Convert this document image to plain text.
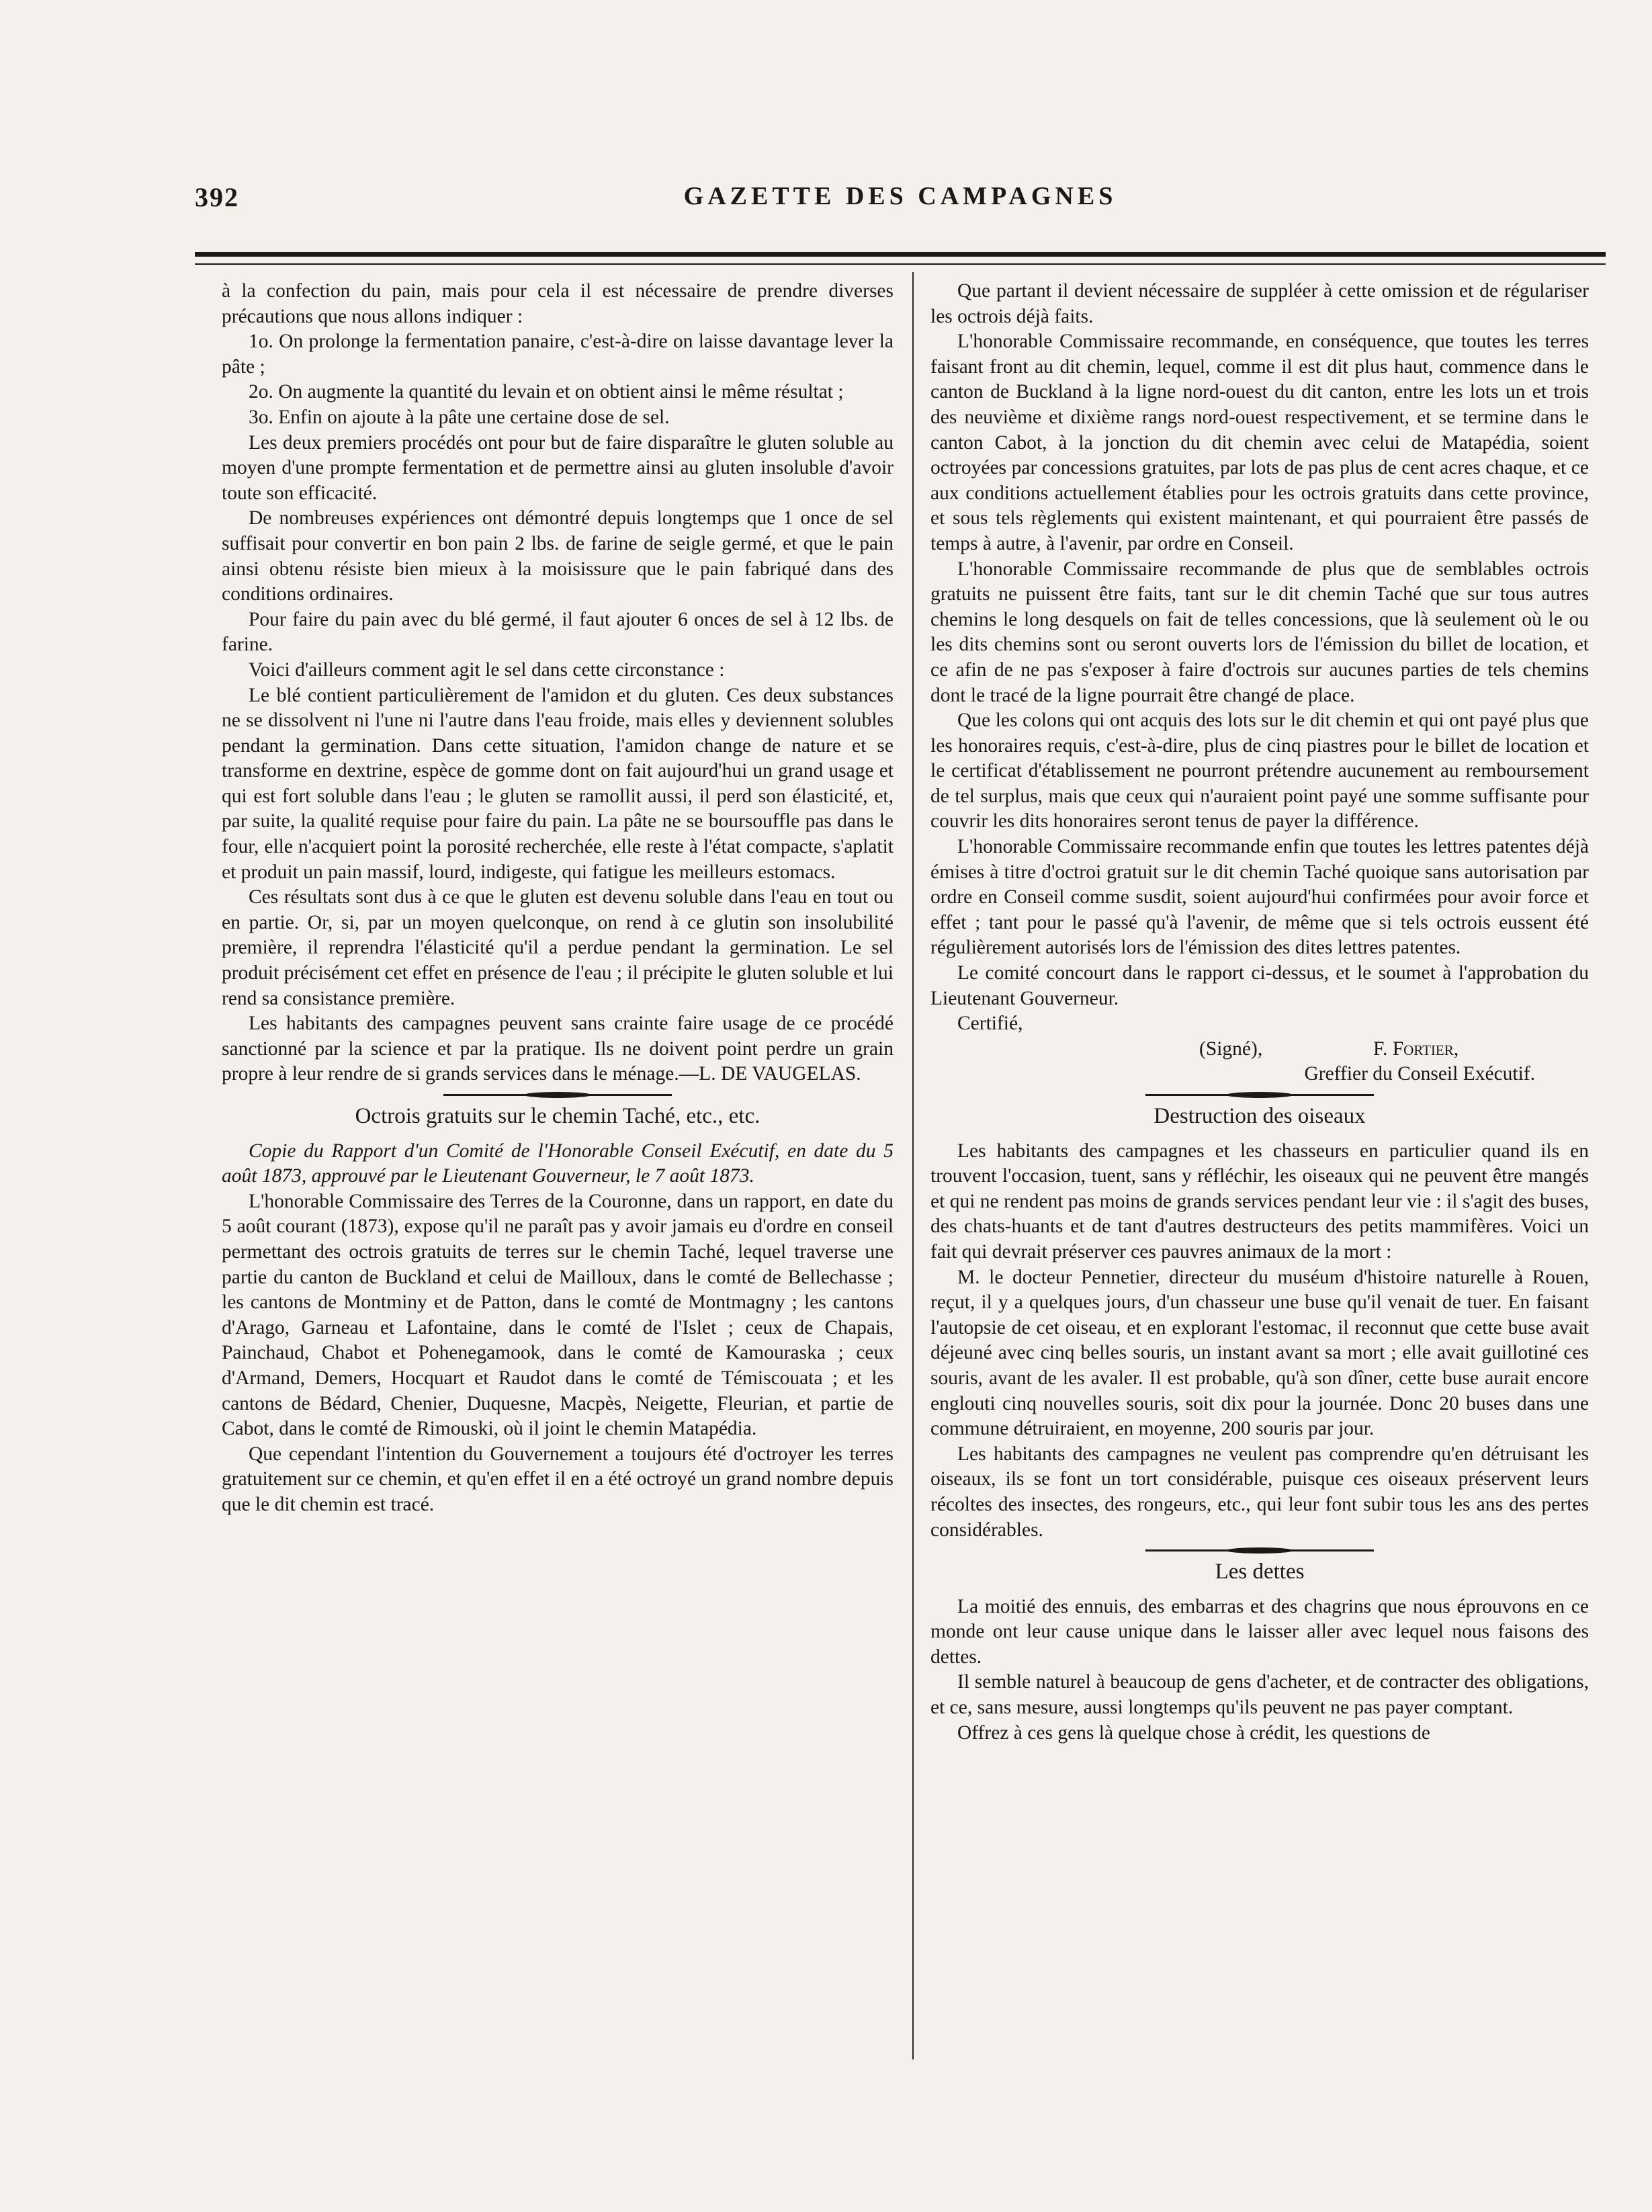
392	GAZETTE DES CAMPAGNES

à la confection du pain, mais pour cela il est nécessaire de prendre diverses précautions que nous allons indiquer :

1o. On prolonge la fermentation panaire, c'est-à-dire on laisse davantage lever la pâte ;

2o. On augmente la quantité du levain et on obtient ainsi le même résultat ;

3o. Enfin on ajoute à la pâte une certaine dose de sel.

Les deux premiers procédés ont pour but de faire disparaître le gluten soluble au moyen d'une prompte fermentation et de permettre ainsi au gluten insoluble d'avoir toute son efficacité.

De nombreuses expériences ont démontré depuis longtemps que 1 once de sel suffisait pour convertir en bon pain 2 lbs. de farine de seigle germé, et que le pain ainsi obtenu résiste bien mieux à la moisissure que le pain fabriqué dans des conditions ordinaires.

Pour faire du pain avec du blé germé, il faut ajouter 6 onces de sel à 12 lbs. de farine.

Voici d'ailleurs comment agit le sel dans cette circonstance :

Le blé contient particulièrement de l'amidon et du gluten. Ces deux substances ne se dissolvent ni l'une ni l'autre dans l'eau froide, mais elles y deviennent solubles pendant la germination. Dans cette situation, l'amidon change de nature et se transforme en dextrine, espèce de gomme dont on fait aujourd'hui un grand usage et qui est fort soluble dans l'eau ; le gluten se ramollit aussi, il perd son élasticité, et, par suite, la qualité requise pour faire du pain. La pâte ne se boursouffle pas dans le four, elle n'acquiert point la porosité recherchée, elle reste à l'état compacte, s'aplatit et produit un pain massif, lourd, indigeste, qui fatigue les meilleurs estomacs.

Ces résultats sont dus à ce que le gluten est devenu soluble dans l'eau en tout ou en partie. Or, si, par un moyen quelconque, on rend à ce glutin son insolubilité première, il reprendra l'élasticité qu'il a perdue pendant la germination. Le sel produit précisément cet effet en présence de l'eau ; il précipite le gluten soluble et lui rend sa consistance première.

Les habitants des campagnes peuvent sans crainte faire usage de ce procédé sanctionné par la science et par la pratique. Ils ne doivent point perdre un grain propre à leur rendre de si grands services dans le ménage.—L. DE VAUGELAS.

Octrois gratuits sur le chemin Taché, etc., etc.

Copie du Rapport d'un Comité de l'Honorable Conseil Exécutif, en date du 5 août 1873, approuvé par le Lieutenant Gouverneur, le 7 août 1873.

L'honorable Commissaire des Terres de la Couronne, dans un rapport, en date du 5 août courant (1873), expose qu'il ne paraît pas y avoir jamais eu d'ordre en conseil permettant des octrois gratuits de terres sur le chemin Taché, lequel traverse une partie du canton de Buckland et celui de Mailloux, dans le comté de Bellechasse ; les cantons de Montminy et de Patton, dans le comté de Montmagny ; les cantons d'Arago, Garneau et Lafontaine, dans le comté de l'Islet ; ceux de Chapais, Painchaud, Chabot et Pohenegamook, dans le comté de Kamouraska ; ceux d'Armand, Demers, Hocquart et Raudot dans le comté de Témiscouata ; et les cantons de Bédard, Chenier, Duquesne, Macpès, Neigette, Fleurian, et partie de Cabot, dans le comté de Rimouski, où il joint le chemin Matapédia.

Que cependant l'intention du Gouvernement a toujours été d'octroyer les terres gratuitement sur ce chemin, et qu'en effet il en a été octroyé un grand nombre depuis que le dit chemin est tracé.

Que partant il devient nécessaire de suppléer à cette omission et de régulariser les octrois déjà faits.

L'honorable Commissaire recommande, en conséquence, que toutes les terres faisant front au dit chemin, lequel, comme il est dit plus haut, commence dans le canton de Buckland à la ligne nord-ouest du dit canton, entre les lots un et trois des neuvième et dixième rangs nord-ouest respectivement, et se termine dans le canton Cabot, à la jonction du dit chemin avec celui de Matapédia, soient octroyées par concessions gratuites, par lots de pas plus de cent acres chaque, et ce aux conditions actuellement établies pour les octrois gratuits dans cette province, et sous tels règlements qui existent maintenant, et qui pourraient être passés de temps à autre, à l'avenir, par ordre en Conseil.

L'honorable Commissaire recommande de plus que de semblables octrois gratuits ne puissent être faits, tant sur le dit chemin Taché que sur tous autres chemins le long desquels on fait de telles concessions, que là seulement où le ou les dits chemins sont ou seront ouverts lors de l'émission du billet de location, et ce afin de ne pas s'exposer à faire d'octrois sur aucunes parties de tels chemins dont le tracé de la ligne pourrait être changé de place.

Que les colons qui ont acquis des lots sur le dit chemin et qui ont payé plus que les honoraires requis, c'est-à-dire, plus de cinq piastres pour le billet de location et le certificat d'établissement ne pourront prétendre aucunement au remboursement de tel surplus, mais que ceux qui n'auraient point payé une somme suffisante pour couvrir les dits honoraires seront tenus de payer la différence.

L'honorable Commissaire recommande enfin que toutes les lettres patentes déjà émises à titre d'octroi gratuit sur le dit chemin Taché quoique sans autorisation par ordre en Conseil comme susdit, soient aujourd'hui confirmées pour avoir force et effet ; tant pour le passé qu'à l'avenir, de même que si tels octrois eussent été régulièrement autorisés lors de l'émission des dites lettres patentes.

Le comité concourt dans le rapport ci-dessus, et le soumet à l'approbation du Lieutenant Gouverneur.

Certifié,

(Signé),	F. Fortier,

Greffier du Conseil Exécutif.

Destruction des oiseaux

Les habitants des campagnes et les chasseurs en particulier quand ils en trouvent l'occasion, tuent, sans y réfléchir, les oiseaux qui ne peuvent être mangés et qui ne rendent pas moins de grands services pendant leur vie : il s'agit des buses, des chats-huants et de tant d'autres destructeurs des petits mammifères. Voici un fait qui devrait préserver ces pauvres animaux de la mort :

M. le docteur Pennetier, directeur du muséum d'histoire naturelle à Rouen, reçut, il y a quelques jours, d'un chasseur une buse qu'il venait de tuer. En faisant l'autopsie de cet oiseau, et en explorant l'estomac, il reconnut que cette buse avait déjeuné avec cinq belles souris, un instant avant sa mort ; elle avait guillotiné ces souris, avant de les avaler. Il est probable, qu'à son dîner, cette buse aurait encore englouti cinq nouvelles souris, soit dix pour la journée. Donc 20 buses dans une commune détruiraient, en moyenne, 200 souris par jour.

Les habitants des campagnes ne veulent pas comprendre qu'en détruisant les oiseaux, ils se font un tort considérable, puisque ces oiseaux préservent leurs récoltes des insectes, des rongeurs, etc., qui leur font subir tous les ans des pertes considérables.

Les dettes

La moitié des ennuis, des embarras et des chagrins que nous éprouvons en ce monde ont leur cause unique dans le laisser aller avec lequel nous faisons des dettes.

Il semble naturel à beaucoup de gens d'acheter, et de contracter des obligations, et ce, sans mesure, aussi longtemps qu'ils peuvent ne pas payer comptant.

Offrez à ces gens là quelque chose à crédit, les questions de
